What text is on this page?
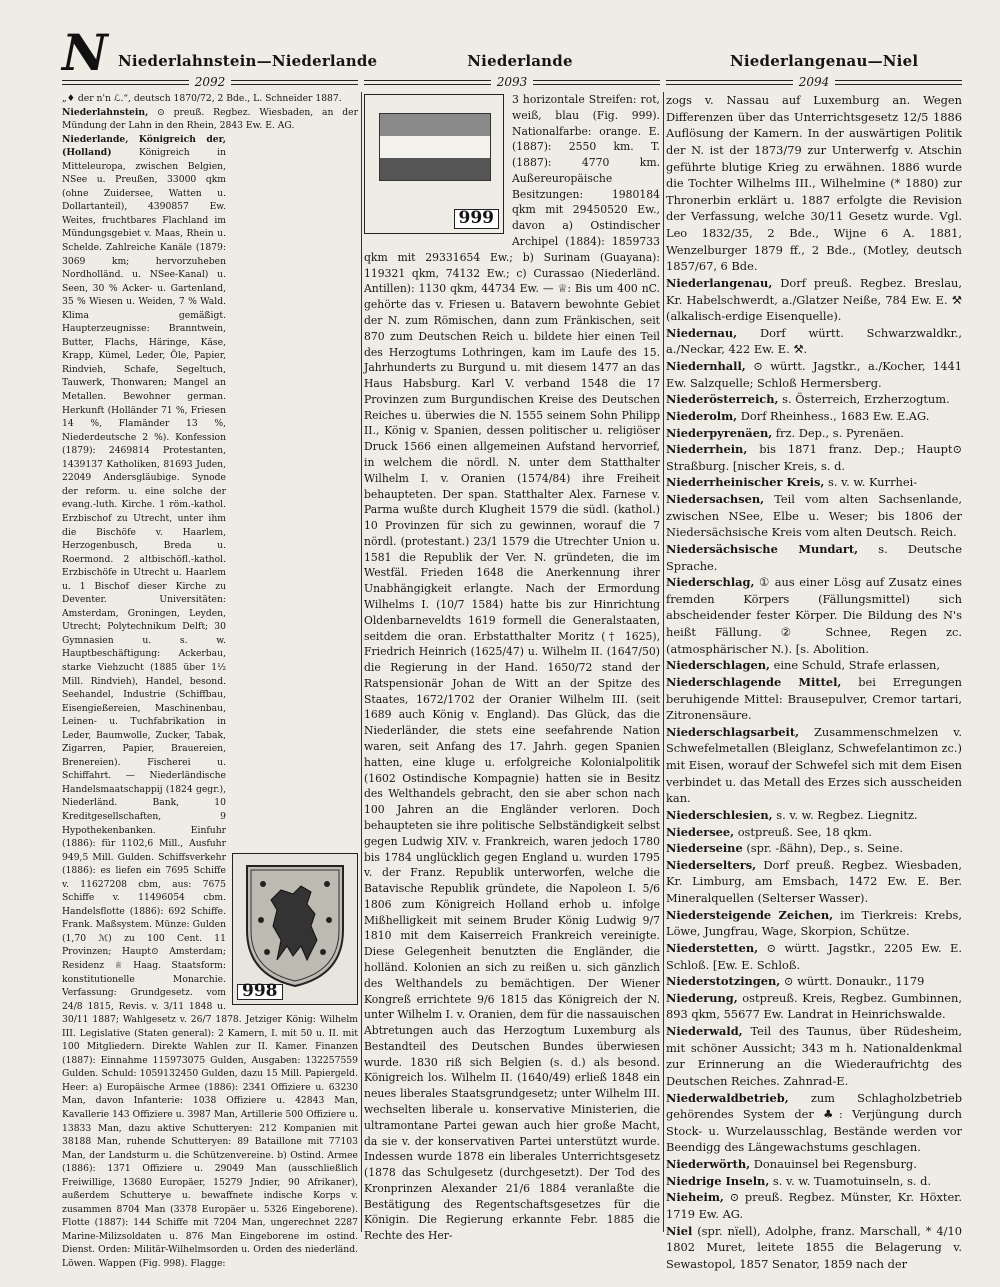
N Niederlahnstein—Niederlande	Niederlande	Niederlangenau—Niel
2092	2093	2094

„♦ der n'n ℒ.“, deutsch 1870/72, 2 Bde., L. Schneider 1887.

Niederlahnstein, ⊙ preuß. Regbez. Wiesbaden, an der Mündung der Lahn in den Rhein, 2843 Ew. E. AG.

998
Niederlande, Königreich der, (Holland) Königreich in Mitteleuropa, zwischen Belgien, NSee u. Preußen, 33000 qkm (ohne Zuidersee, Watten u. Dollartanteil), 4390857 Ew. Weites, fruchtbares Flachland im Mündungsgebiet v. Maas, Rhein u. Schelde. Zahlreiche Kanäle (1879: 3069 km; hervorzuheben Nordholländ. u. NSee-Kanal) u. Seen, 30 % Acker- u. Gartenland, 35 % Wiesen u. Weiden, 7 % Wald. Klima gemäßigt. Haupterzeugnisse: Branntwein, Butter, Flachs, Häringe, Käse, Krapp, Kümel, Leder, Öle, Papier, Rindvieh, Schafe, Segeltuch, Tauwerk, Thonwaren; Mangel an Metallen. Bewohner german. Herkunft (Holländer 71 %, Friesen 14 %, Flamänder 13 %, Niederdeutsche 2 %). Konfession (1879): 2469814 Protestanten, 1439137 Katholiken, 81693 Juden, 22049 Andersgläubige. Synode der reform. u. eine solche der evang.-luth. Kirche. 1 röm.-kathol. Erzbischof zu Utrecht, unter ihm die Bischöfe v. Haarlem, Herzogenbusch, Breda u. Roermond. 2 altbischöfl.-kathol. Erzbischöfe in Utrecht u. Haarlem u. 1 Bischof dieser Kirche zu Deventer. Universitäten: Amsterdam, Groningen, Leyden, Utrecht; Polytechnikum Delft; 30 Gymnasien u. s. w. Hauptbeschäftigung: Ackerbau, starke Viehzucht (1885 über 1½ Mill. Rindvieh), Handel, besond. Seehandel, Industrie (Schiffbau, Eisengießereien, Maschinenbau, Leinen- u. Tuchfabrikation in Leder, Baumwolle, Zucker, Tabak, Zigarren, Papier, Brauereien, Brenereien). Fischerei u. Schiffahrt. — Niederländische Handelsmaatschappij (1824 gegr.), Niederländ. Bank, 10 Kreditgesellschaften, 9 Hypothekenbanken. Einfuhr (1886): für 1102,6 Mill., Ausfuhr 949,5 Mill. Gulden. Schiffsverkehr (1886): es liefen ein 7695 Schiffe v. 11627208 cbm, aus: 7675 Schiffe v. 11496054 cbm. Handelsflotte (1886): 692 Schiffe. Frank. Maßsystem. Münze: Gulden (1,70 ℳ) zu 100 Cent. 11 Provinzen; Haupt⊙ Amsterdam; Residenz ♕ Haag. Staatsform: konstitutionelle Monarchie. Verfassung: Grundgesetz. vom 24/8 1815, Revis. v. 3/11 1848 u. 30/11 1887; Wahlgesetz v. 26/7 1878. Jetziger König: Wilhelm III. Legislative (Staten general): 2 Kamern, I. mit 50 u. II. mit 100 Mitgliedern. Direkte Wahlen zur II. Kamer. Finanzen (1887): Einnahme 115973075 Gulden, Ausgaben: 132257559 Gulden. Schuld: 1059132450 Gulden, dazu 15 Mill. Papiergeld. Heer: a) Europäische Armee (1886): 2341 Offiziere u. 63230 Man, davon Infanterie: 1038 Offiziere u. 42843 Man, Kavallerie 143 Offiziere u. 3987 Man, Artillerie 500 Offiziere u. 13833 Man, dazu aktive Schutteryen: 212 Kompanien mit 38188 Man, ruhende Schutteryen: 89 Bataillone mit 77103 Man, der Landsturm u. die Schützenvereine. b) Ostind. Armee (1886): 1371 Offiziere u. 29049 Man (ausschließlich Freiwillige, 13680 Europäer, 15279 Jndier, 90 Afrikaner), außerdem Schutterye u. bewaffnete indische Korps v. zusammen 8704 Man (3378 Europäer u. 5326 Eingeborene). Flotte (1887): 144 Schiffe mit 7204 Man, ungerechnet 2287 Marine-Milizsoldaten u. 876 Man Eingeborene im ostind. Dienst. Orden: Militär-Wilhelmsorden u. Orden des niederländ. Löwen. Wappen (Fig. 998). Flagge:

999

3 horizontale Streifen: rot, weiß, blau (Fig. 999). Nationalfarbe: orange. E. (1887): 2550 km. T. (1887): 4770 km. Außereuropäische Besitzungen: 1980184 qkm mit 29450520 Ew., davon a) Ostindischer Archipel (1884): 1859733 qkm mit 29331654 Ew.; b) Surinam (Guayana): 119321 qkm, 74132 Ew.; c) Curassao (Niederländ. Antillen): 1130 qkm, 44734 Ew. — ♕: Bis um 400 nC. gehörte das v. Friesen u. Batavern bewohnte Gebiet der N. zum Römischen, dann zum Fränkischen, seit 870 zum Deutschen Reich u. bildete hier einen Teil des Herzogtums Lothringen, kam im Laufe des 15. Jahrhunderts zu Burgund u. mit diesem 1477 an das Haus Habsburg. Karl V. verband 1548 die 17 Provinzen zum Burgundischen Kreise des Deutschen Reiches u. überwies die N. 1555 seinem Sohn Philipp II., König v. Spanien, dessen politischer u. religiöser Druck 1566 einen allgemeinen Aufstand hervorrief, in welchem die nördl. N. unter dem Statthalter Wilhelm I. v. Oranien (1574/84) ihre Freiheit behaupteten. Der span. Statthalter Alex. Farnese v. Parma wußte durch Klugheit 1579 die südl. (kathol.) 10 Provinzen für sich zu gewinnen, worauf die 7 nördl. (protestant.) 23/1 1579 die Utrechter Union u. 1581 die Republik der Ver. N. gründeten, die im Westfäl. Frieden 1648 die Anerkennung ihrer Unabhängigkeit erlangte. Nach der Ermordung Wilhelms I. (10/7 1584) hatte bis zur Hinrichtung Oldenbarneveldts 1619 formell die Generalstaaten, seitdem die oran. Erbstatthalter Moritz († 1625), Friedrich Heinrich (1625/47) u. Wilhelm II. (1647/50) die Regierung in der Hand. 1650/72 stand der Ratspensionär Johan de Witt an der Spitze des Staates, 1672/1702 der Oranier Wilhelm III. (seit 1689 auch König v. England). Das Glück, das die Niederländer, die stets eine seefahrende Nation waren, seit Anfang des 17. Jahrh. gegen Spanien hatten, eine kluge u. erfolgreiche Kolonialpolitik (1602 Ostindische Kompagnie) hatten sie in Besitz des Welthandels gebracht, den sie aber schon nach 100 Jahren an die Engländer verloren. Doch behaupteten sie ihre politische Selbständigkeit selbst gegen Ludwig XIV. v. Frankreich, waren jedoch 1780 bis 1784 unglücklich gegen England u. wurden 1795 v. der Franz. Republik unterworfen, welche die Batavische Republik gründete, die Napoleon I. 5/6 1806 zum Königreich Holland erhob u. infolge Mißhelligkeit mit seinem Bruder König Ludwig 9/7 1810 mit dem Kaiserreich Frankreich vereinigte. Diese Gelegenheit benutzten die Engländer, die holländ. Kolonien an sich zu reißen u. sich gänzlich des Welthandels zu bemächtigen. Der Wiener Kongreß errichtete 9/6 1815 das Königreich der N. unter Wilhelm I. v. Oranien, dem für die nassauischen Abtretungen auch das Herzogtum Luxemburg als Bestandteil des Deutschen Bundes überwiesen wurde. 1830 riß sich Belgien (s. d.) als besond. Königreich los. Wilhelm II. (1640/49) erließ 1848 ein neues liberales Staatsgrundgesetz; unter Wilhelm III. wechselten liberale u. konservative Ministerien, die ultramontane Partei gewan auch hier große Macht, da sie v. der konservativen Partei unterstützt wurde. Indessen wurde 1878 ein liberales Unterrichtsgesetz (1878 das Schulgesetz (durchgesetzt). Der Tod des Kronprinzen Alexander 21/6 1884 veranlaßte die Bestätigung des Regentschaftsgesetzes für die Königin. Die Regierung erkannte Febr. 1885 die Rechte des Her-

zogs v. Nassau auf Luxemburg an. Wegen Differenzen über das Unterrichtsgesetz 12/5 1886 Auflösung der Kamern. In der auswärtigen Politik der N. ist der 1873/79 zur Unterwerfg v. Atschin geführte blutige Krieg zu erwähnen. 1886 wurde die Tochter Wilhelms III., Wilhelmine (* 1880) zur Thronerbin erklärt u. 1887 erfolgte die Revision der Verfassung, welche 30/11 Gesetz wurde. Vgl. Leo 1832/35, 2 Bde., Wijne 6 A. 1881, Wenzelburger 1879 ff., 2 Bde., (Motley, deutsch 1857/67, 6 Bde.

Niederlangenau, Dorf preuß. Regbez. Breslau, Kr. Habelschwerdt, a./Glatzer Neiße, 784 Ew. E. ⚒ (alkalisch-erdige Eisenquelle).

Niedernau, Dorf württ. Schwarzwaldkr., a./Neckar, 422 Ew. E. ⚒.

Niedernhall, ⊙ württ. Jagstkr., a./Kocher, 1441 Ew. Salzquelle; Schloß Hermersberg.

Niederösterreich, s. Österreich, Erzherzogtum.

Niederolm, Dorf Rheinhess., 1683 Ew. E.AG.

Niederpyrenäen, frz. Dep., s. Pyrenäen.

Niederrhein, bis 1871 franz. Dep.; Haupt⊙ Straßburg. [nischer Kreis, s. d.

Niederrheinischer Kreis, s. v. w. Kurrhei-

Niedersachsen, Teil vom alten Sachsenlande, zwischen NSee, Elbe u. Weser; bis 1806 der Niedersächsische Kreis vom alten Deutsch. Reich.

Niedersächsische Mundart, s. Deutsche Sprache.

Niederschlag, ① aus einer Lösg auf Zusatz eines fremden Körpers (Fällungsmittel) sich abscheidender fester Körper. Die Bildung des N's heißt Fällung. ② Schnee, Regen zc. (atmosphärischer N.). [s. Abolition.

Niederschlagen, eine Schuld, Strafe erlassen,

Niederschlagende Mittel, bei Erregungen beruhigende Mittel: Brausepulver, Cremor tartari, Zitronensäure.

Niederschlagsarbeit, Zusammenschmelzen v. Schwefelmetallen (Bleiglanz, Schwefelantimon zc.) mit Eisen, worauf der Schwefel sich mit dem Eisen verbindet u. das Metall des Erzes sich ausscheiden kan.

Niederschlesien, s. v. w. Regbez. Liegnitz.

Niedersee, ostpreuß. See, 18 qkm.

Niederseine (spr. -ßähn), Dep., s. Seine.

Niederselters, Dorf preuß. Regbez. Wiesbaden, Kr. Limburg, am Emsbach, 1472 Ew. E. Ber. Mineralquellen (Selterser Wasser).

Niedersteigende Zeichen, im Tierkreis: Krebs, Löwe, Jungfrau, Wage, Skorpion, Schütze.

Niederstetten, ⊙ württ. Jagstkr., 2205 Ew. E. Schloß. [Ew. E. Schloß.

Niederstotzingen, ⊙ württ. Donaukr., 1179

Niederung, ostpreuß. Kreis, Regbez. Gumbinnen, 893 qkm, 55677 Ew. Landrat in Heinrichswalde.

Niederwald, Teil des Taunus, über Rüdesheim, mit schöner Aussicht; 343 m h. Nationaldenkmal zur Erinnerung an die Wiederaufrichtg des Deutschen Reiches. Zahnrad-E.

Niederwaldbetrieb, zum Schlagholzbetrieb gehörendes System der ♣: Verjüngung durch Stock- u. Wurzelausschlag, Bestände werden vor Beendigg des Längewachstums geschlagen.

Niederwörth, Donauinsel bei Regensburg.

Niedrige Inseln, s. v. w. Tuamotuinseln, s. d.

Nieheim, ⊙ preuß. Regbez. Münster, Kr. Höxter. 1719 Ew. AG.

Niel (spr. nïell), Adolphe, franz. Marschall, * 4/10 1802 Muret, leitete 1855 die Belagerung v. Sewastopol, 1857 Senator, 1859 nach der
